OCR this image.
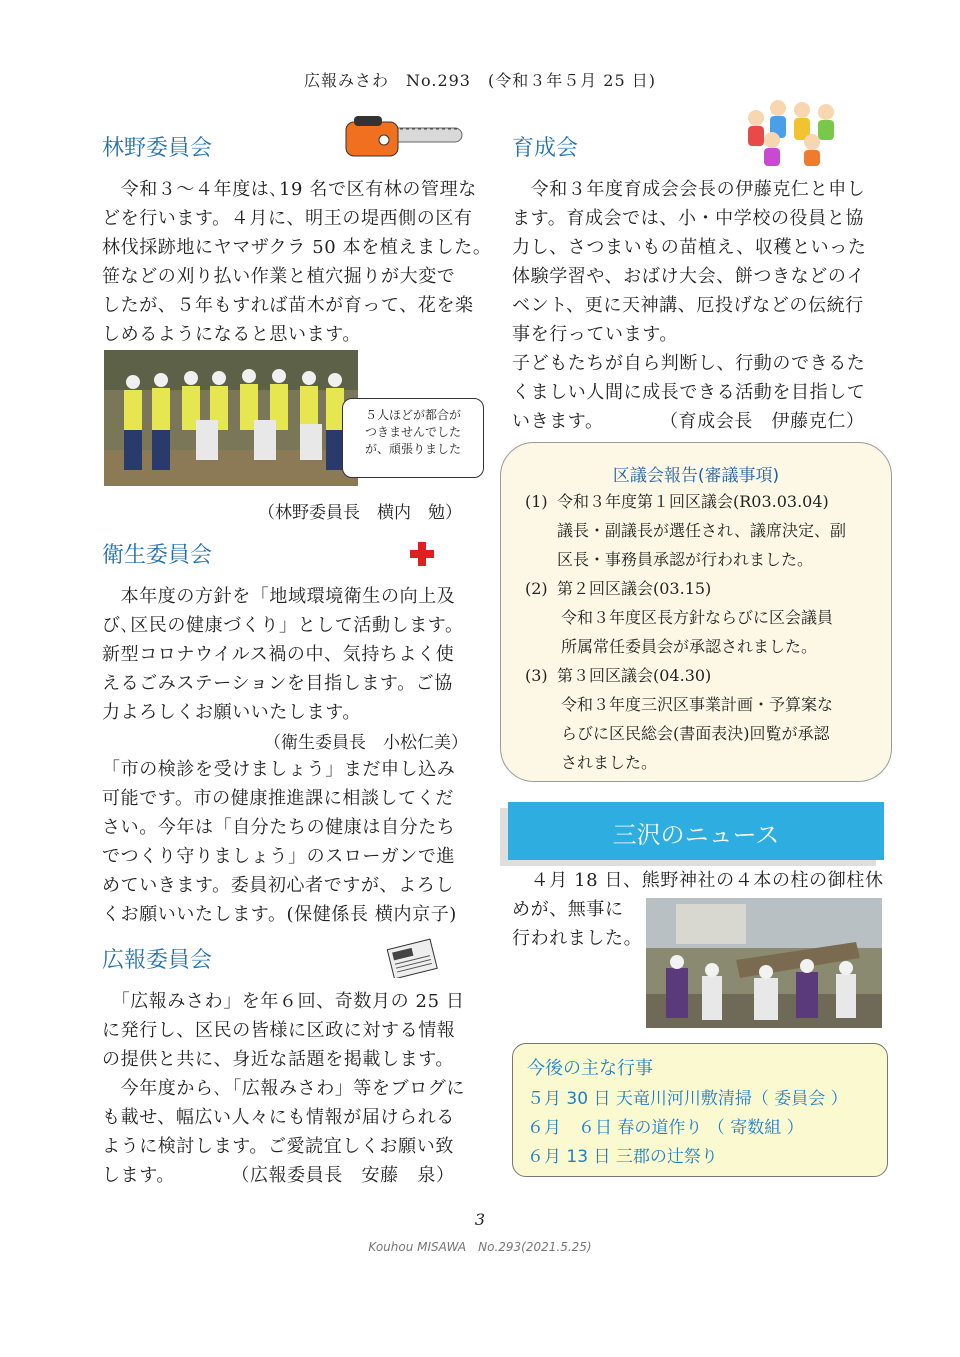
広報みさわ　No.293　(令和３年５月 25 日)
林野委員会
　令和３〜４年度は､19 名で区有林の管理な
どを行います。４月に、明王の堤西側の区有
林伐採跡地にヤマザクラ 50 本を植えました。
笹などの刈り払い作業と植穴掘りが大変で
したが、５年もすれば苗木が育って、花を楽
しめるようになると思います。
５人ほどが都合が
つきませんでした
が、頑張りました
（林野委員長　横内　勉）
衛生委員会
　本年度の方針を「地域環境衛生の向上及
び､区民の健康づくり」として活動します。
新型コロナウイルス禍の中、気持ちよく使
えるごみステーションを目指します。ご協
力よろしくお願いいたします。
（衛生委員長　小松仁美）
「市の検診を受けましょう」まだ申し込み
可能です。市の健康推進課に相談してくだ
さい。今年は「自分たちの健康は自分たち
でつくり守りましょう」のスローガンで進
めていきます。委員初心者ですが、よろし
くお願いいたします。(保健係長 横内京子)
広報委員会
　「広報みさわ」を年６回、奇数月の 25 日
に発行し、区民の皆様に区政に対する情報
の提供と共に、身近な話題を掲載します。
　今年度から､「広報みさわ」等をブログに
も載せ、幅広い人々にも情報が届けられる
ように検討します。ご愛読宜しくお願い致
します。　　　　（広報委員長　安藤　泉）
育成会
　令和３年度育成会会長の伊藤克仁と申し
ます。育成会では、小・中学校の役員と協
力し、さつまいもの苗植え、収穫といった
体験学習や、おばけ大会、餅つきなどのイ
ベント、更に天神講、厄投げなどの伝統行
事を行っています。
子どもたちが自ら判断し、行動のできるた
くましい人間に成長できる活動を目指して
いきます。　　　　（育成会長　伊藤克仁）
区議会報告(審議事項)
(1) 令和３年度第１回区議会(R03.03.04)
議長・副議長が選任され、議席決定、副
区長・事務員承認が行われました。
(2) 第２回区議会(03.15)
令和３年度区長方針ならびに区会議員
所属常任委員会が承認されました。
(3) 第３回区議会(04.30)
令和３年度三沢区事業計画・予算案な
らびに区民総会(書面表決)回覧が承認
されました。
三沢のニュース
　４月 18 日、熊野神社の４本の柱の御柱休
めが、無事に
行われました。
今後の主な行事
５月 30 日 天竜川河川敷清掃（ 委員会 ）
６月　６日 春の道作り （ 寄数組 ）
６月 13 日 三郡の辻祭り
3
Kouhou MISAWA　No.293(2021.5.25)
